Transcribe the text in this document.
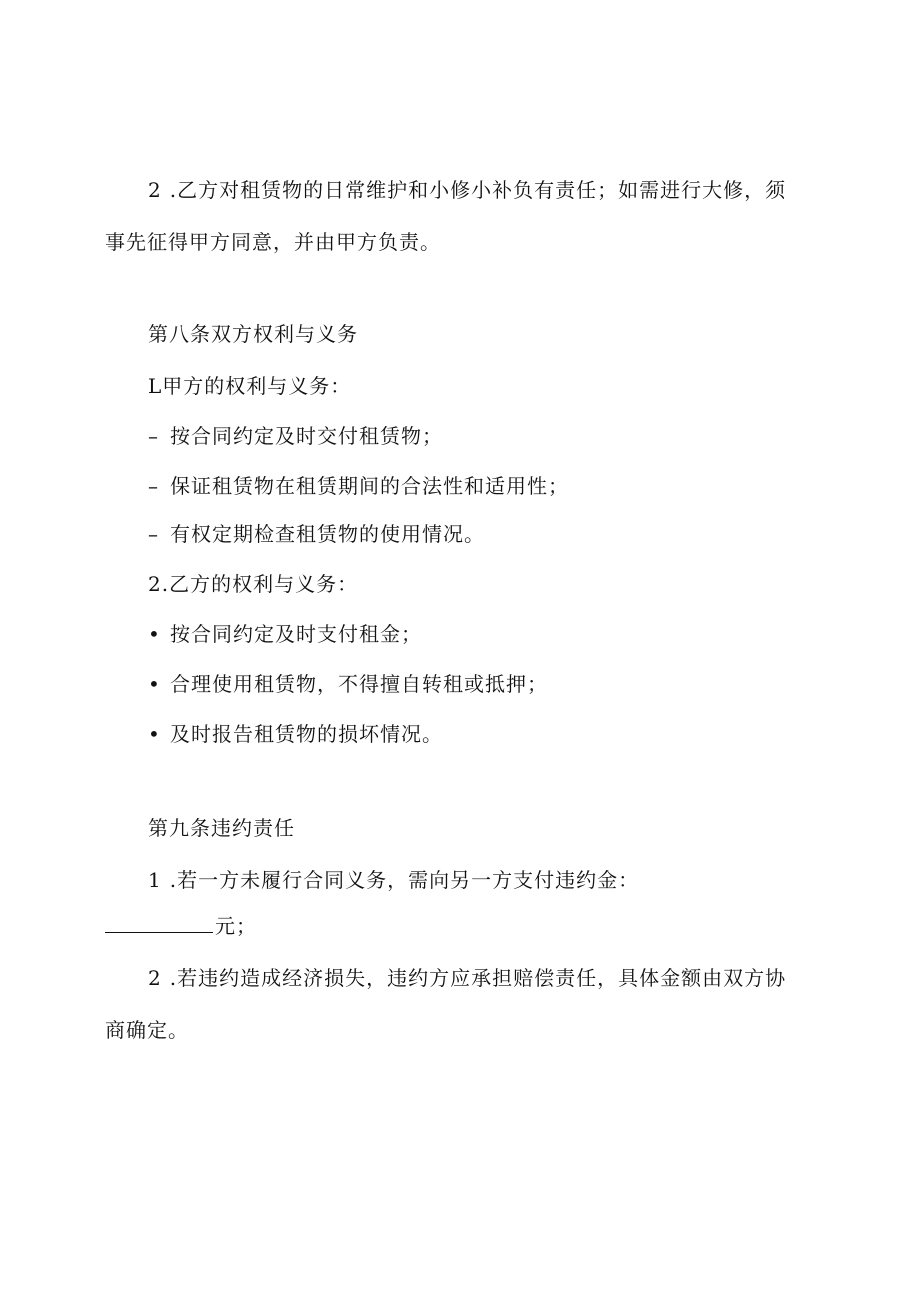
2 .乙方对租赁物的日常维护和小修小补负有责任；如需进行大修，须
事先征得甲方同意，并由甲方负责。
第八条双方权利与义务
L甲方的权利与义务：
– 按合同约定及时交付租赁物；
– 保证租赁物在租赁期间的合法性和适用性；
– 有权定期检查租赁物的使用情况。
2.乙方的权利与义务：
• 按合同约定及时支付租金；
• 合理使用租赁物，不得擅自转租或抵押；
• 及时报告租赁物的损坏情况。
第九条违约责任
1 .若一方未履行合同义务，需向另一方支付违约金：
元；
2 .若违约造成经济损失，违约方应承担赔偿责任，具体金额由双方协
商确定。
